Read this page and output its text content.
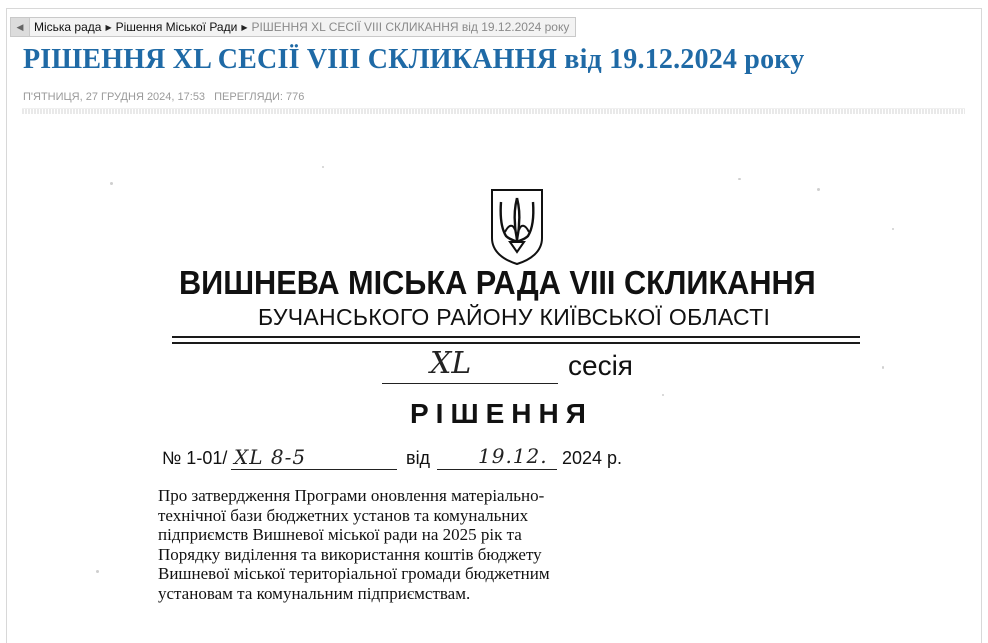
◀ Міська рада ▶ Рішення Міської Ради ▶ РІШЕННЯ XL СЕСІЇ VIII СКЛИКАННЯ від 19.12.2024 року
РІШЕННЯ XL СЕСІЇ VIII СКЛИКАННЯ від 19.12.2024 року
П'ЯТНИЦЯ, 27 ГРУДНЯ 2024, 17:53 ПЕРЕГЛЯДИ: 776
ВИШНЕВА МІСЬКА РАДА VIII СКЛИКАННЯ
БУЧАНСЬКОГО РАЙОНУ КИЇВСЬКОЇ ОБЛАСТІ
XL	сесія
РІШЕННЯ
№ 1-01/ XL 8-5	від 19.12. 2024 р.

Про затвердження Програми оновлення матеріально-
технічної бази бюджетних установ та комунальних
підприємств Вишневої міської ради на 2025 рік та
Порядку виділення та використання коштів бюджету
Вишневої міської територіальної громади бюджетним
установам та комунальним підприємствам.
